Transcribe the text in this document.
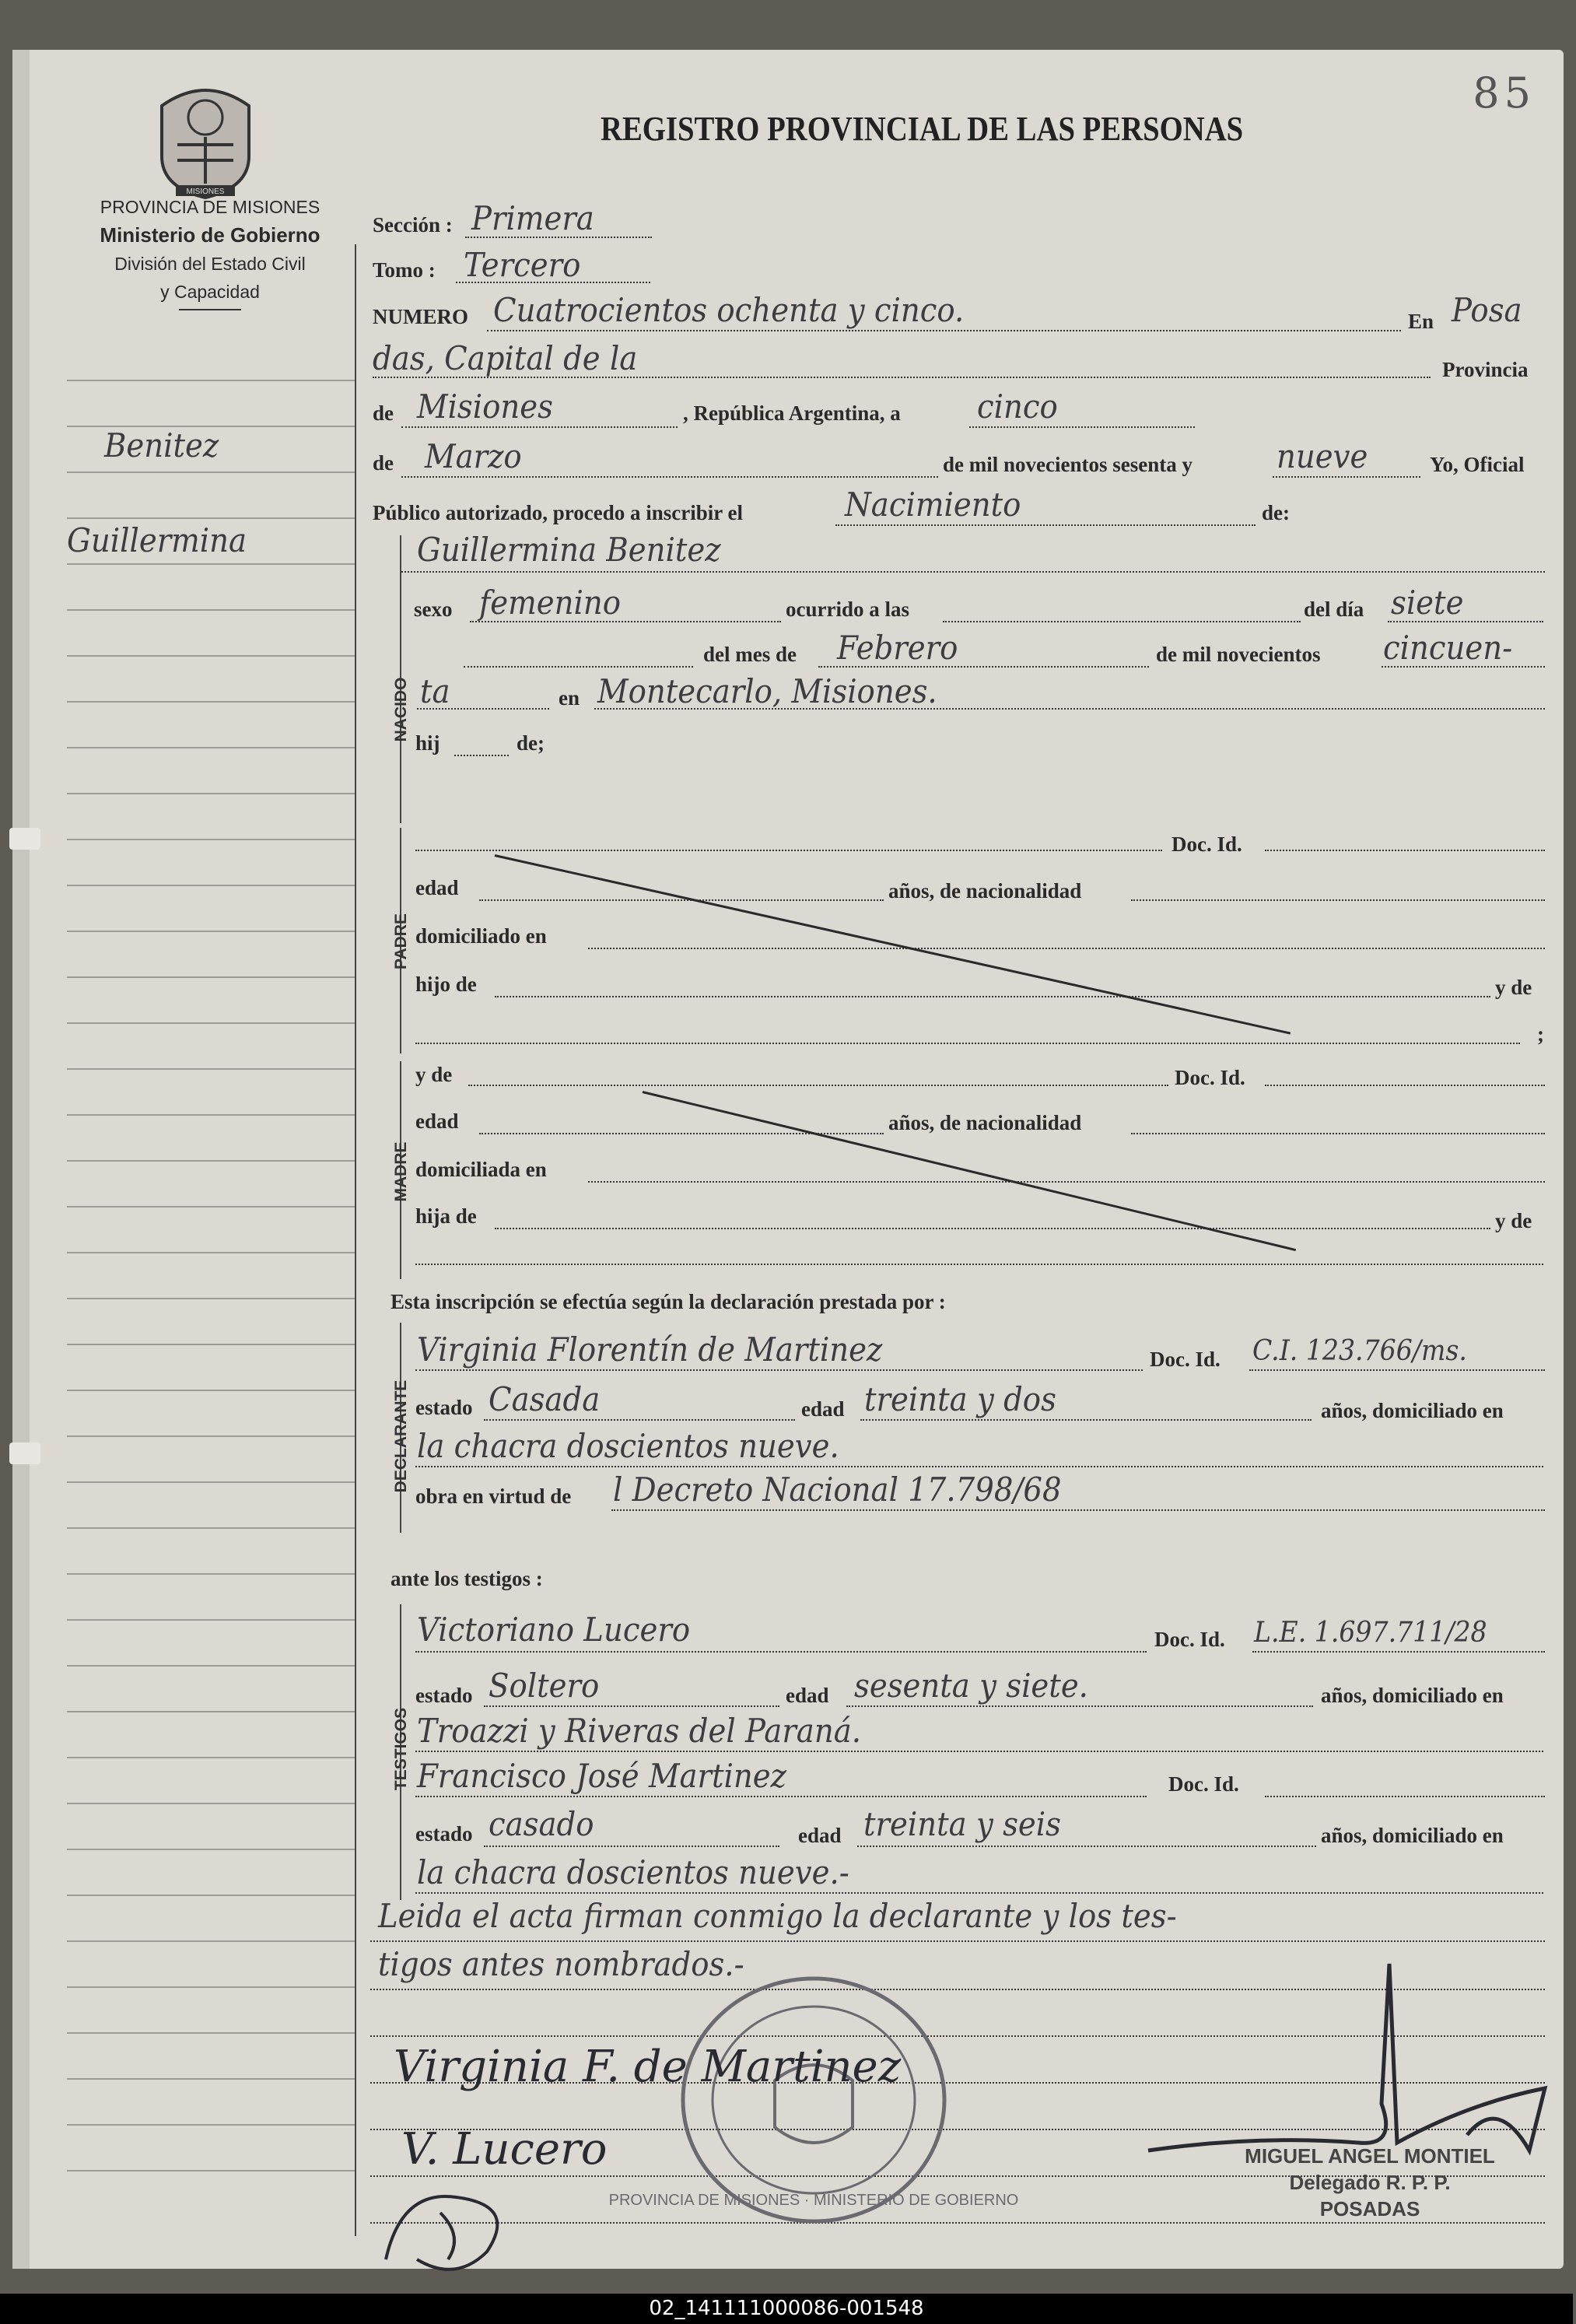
85
MISIONES
REGISTRO PROVINCIAL DE LAS PERSONAS
PROVINCIA DE MISIONES
Ministerio de Gobierno
División del Estado Civil
y Capacidad
Benitez
Guillermina
Sección : Primera
Tomo : Tercero
NUMERO Cuatrocientos ochenta y cinco.	En Posa
das, Capital de la	Provincia
de Misiones	, República Argentina, a cinco
de Marzo	de mil novecientos sesenta y	nueve	Yo, Oficial
Público autorizado, procedo a inscribir el	Nacimiento	de:
NACIDO
Guillermina Benitez
sexo femenino	ocurrido a las	del día siete
del mes de Febrero	de mil novecientos cincuen-
ta	en Montecarlo, Misiones.
hij	de;
PADRE
Doc. Id.
edad	años, de nacionalidad
domiciliado en
hijo de	y de
;
MADRE
y de	Doc. Id.
edad	años, de nacionalidad
domiciliada en
hija de	y de
Esta inscripción se efectúa según la declaración prestada por :
DECLARANTE
Virginia Florentín de Martinez	Doc. Id. C.I. 123.766/ms.
estado Casada	edad treinta y dos	años, domiciliado en
la chacra doscientos nueve.
obra en virtud de l Decreto Nacional 17.798/68
ante los testigos :
TESTIGOS
Victoriano Lucero	Doc. Id. L.E. 1.697.711/28
estado Soltero	edad sesenta y siete.	años, domiciliado en
Troazzi y Riveras del Paraná.
Francisco José Martinez	Doc. Id.
estado casado	edad treinta y seis	años, domiciliado en
la chacra doscientos nueve.-
Leida el acta firman conmigo la declarante y los tes-
tigos antes nombrados.-
PROVINCIA DE MISIONES · MINISTERIO DE GOBIERNO
Virginia F. de Martinez
V. Lucero	MIGUEL ANGEL MONTIEL
Delegado R. P. P.
POSADAS
02_141111000086-001548
